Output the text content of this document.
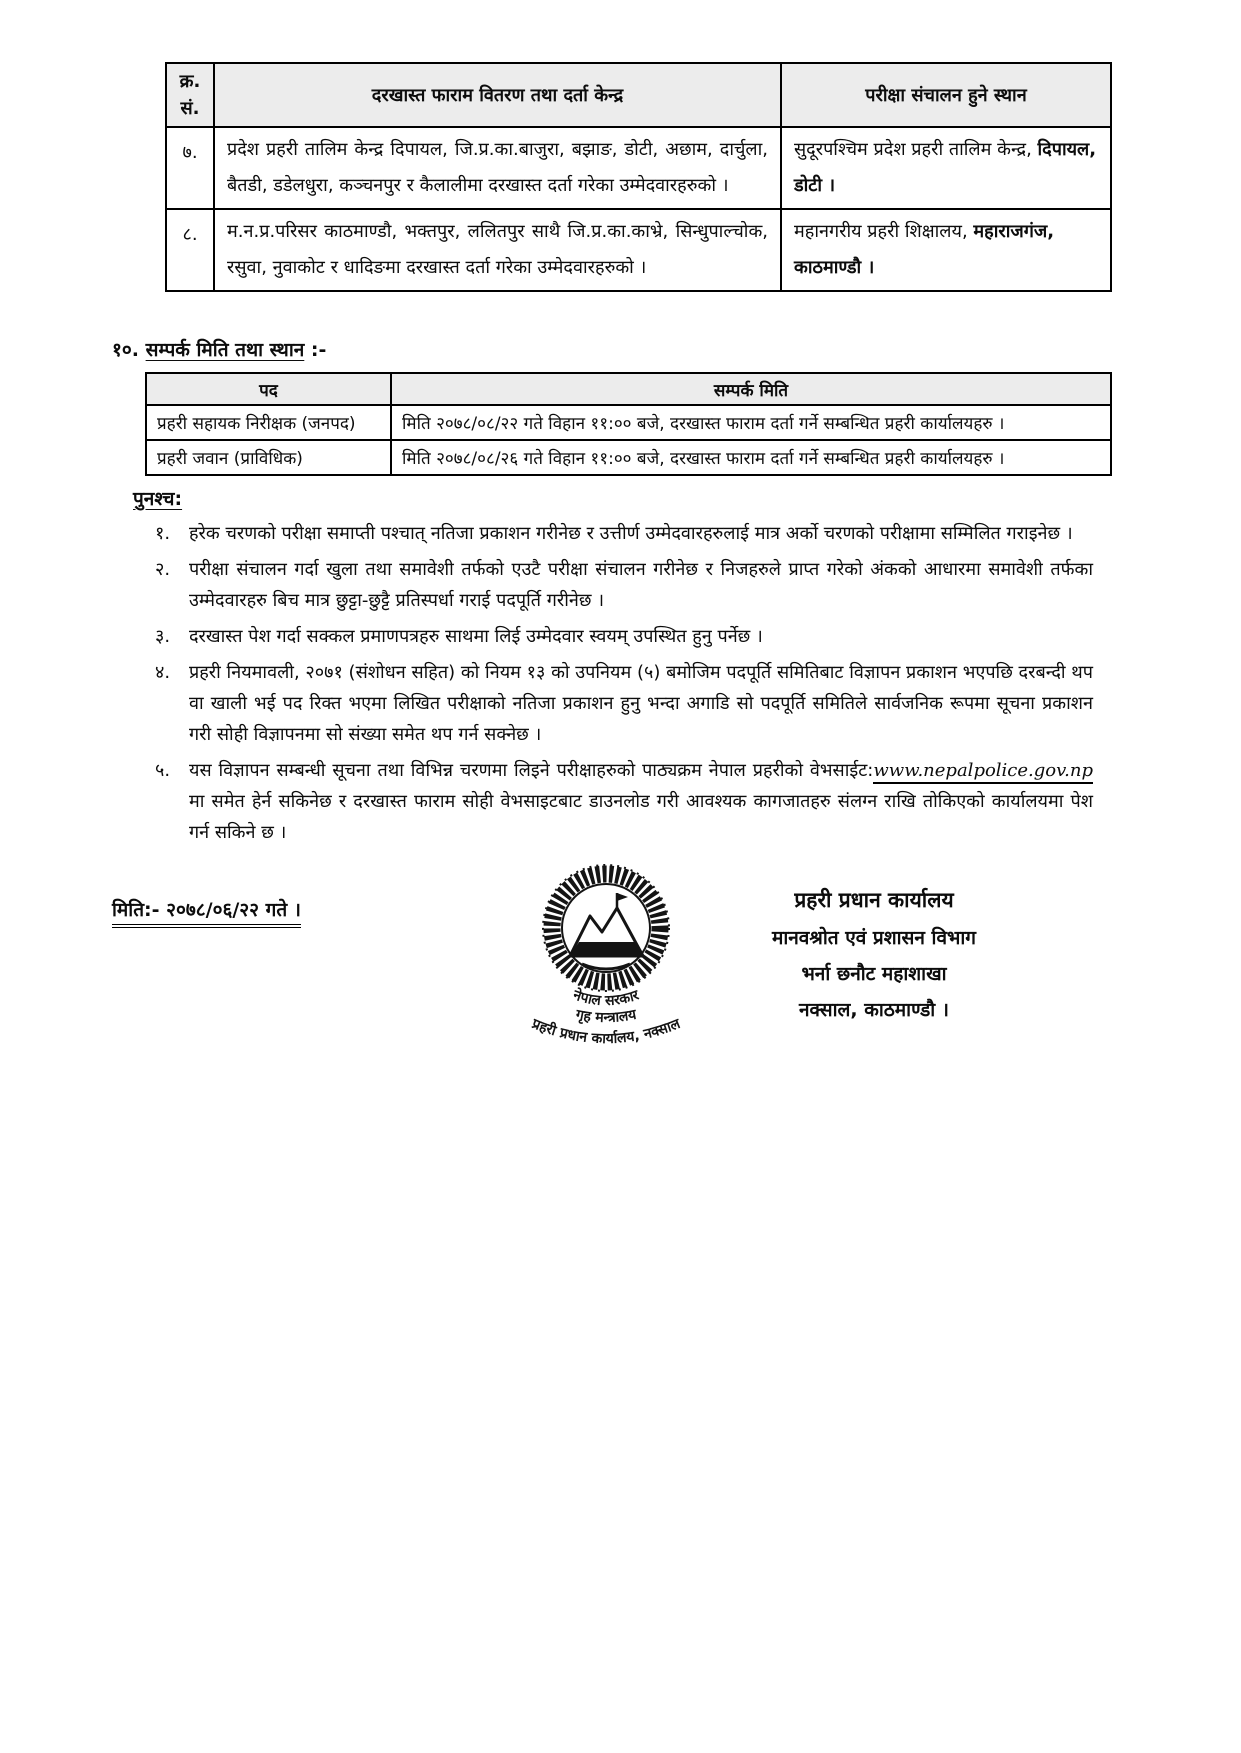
क्र. सं.	दरखास्त फाराम वितरण तथा दर्ता केन्द्र	परीक्षा संचालन हुने स्थान
७.	प्रदेश प्रहरी तालिम केन्द्र दिपायल, जि.प्र.का.बाजुरा, बझाङ, डोटी, अछाम, दार्चुला, बैतडी, डडेलधुरा, कञ्चनपुर र कैलालीमा दरखास्त दर्ता गरेका उम्मेदवारहरुको ।	सुदूरपश्चिम प्रदेश प्रहरी तालिम केन्द्र, दिपायल, डोटी ।
८.	म.न.प्र.परिसर काठमाण्डौ, भक्तपुर, ललितपुर साथै जि.प्र.का.काभ्रे, सिन्धुपाल्चोक, रसुवा, नुवाकोट र धादिङमा दरखास्त दर्ता गरेका उम्मेदवारहरुको ।	महानगरीय प्रहरी शिक्षालय, महाराजगंज, काठमाण्डौ ।
१०. सम्पर्क मिति तथा स्थान :-
पद	सम्पर्क मिति
प्रहरी सहायक निरीक्षक (जनपद)	मिति २०७८/०८/२२ गते विहान ११:०० बजे, दरखास्त फाराम दर्ता गर्ने सम्बन्धित प्रहरी कार्यालयहरु ।
प्रहरी जवान (प्राविधिक)	मिति २०७८/०८/२६ गते विहान ११:०० बजे, दरखास्त फाराम दर्ता गर्ने सम्बन्धित प्रहरी कार्यालयहरु ।
पुनश्च:
१.	हरेक चरणको परीक्षा समाप्ती पश्चात् नतिजा प्रकाशन गरीनेछ र उत्तीर्ण उम्मेदवारहरुलाई मात्र अर्को चरणको परीक्षामा सम्मिलित गराइनेछ ।
२.	परीक्षा संचालन गर्दा खुला तथा समावेशी तर्फको एउटै परीक्षा संचालन गरीनेछ र निजहरुले प्राप्त गरेको अंकको आधारमा समावेशी तर्फका उम्मेदवारहरु बिच मात्र छुट्टा-छुट्टै प्रतिस्पर्धा गराई पदपूर्ति गरीनेछ ।
३.	दरखास्त पेश गर्दा सक्कल प्रमाणपत्रहरु साथमा लिई उम्मेदवार स्वयम् उपस्थित हुनु पर्नेछ ।
४.	प्रहरी नियमावली, २०७१ (संशोधन सहित) को नियम १३ को उपनियम (५) बमोजिम पदपूर्ति समितिबाट विज्ञापन प्रकाशन भएपछि दरबन्दी थप वा खाली भई पद रिक्त भएमा लिखित परीक्षाको नतिजा प्रकाशन हुनु भन्दा अगाडि सो पदपूर्ति समितिले सार्वजनिक रूपमा सूचना प्रकाशन गरी सोही विज्ञापनमा सो संख्या समेत थप गर्न सक्नेछ ।
५.	यस विज्ञापन सम्बन्धी सूचना तथा विभिन्न चरणमा लिइने परीक्षाहरुको पाठ्यक्रम नेपाल प्रहरीको वेभसाईट:www.nepalpolice.gov.np मा समेत हेर्न सकिनेछ र दरखास्त फाराम सोही वेभसाइटबाट डाउनलोड गरी आवश्यक कागजातहरु संलग्न राखि तोकिएको कार्यालयमा पेश गर्न सकिने छ ।
मिति:- २०७८/०६/२२ गते ।
नेपाल सरकार
गृह मन्त्रालय
प्रहरी प्रधान कार्यालय, नक्साल
प्रहरी प्रधान कार्यालय
मानवश्रोत एवं प्रशासन विभाग
भर्ना छनौट महाशाखा
नक्साल, काठमाण्डौ ।
